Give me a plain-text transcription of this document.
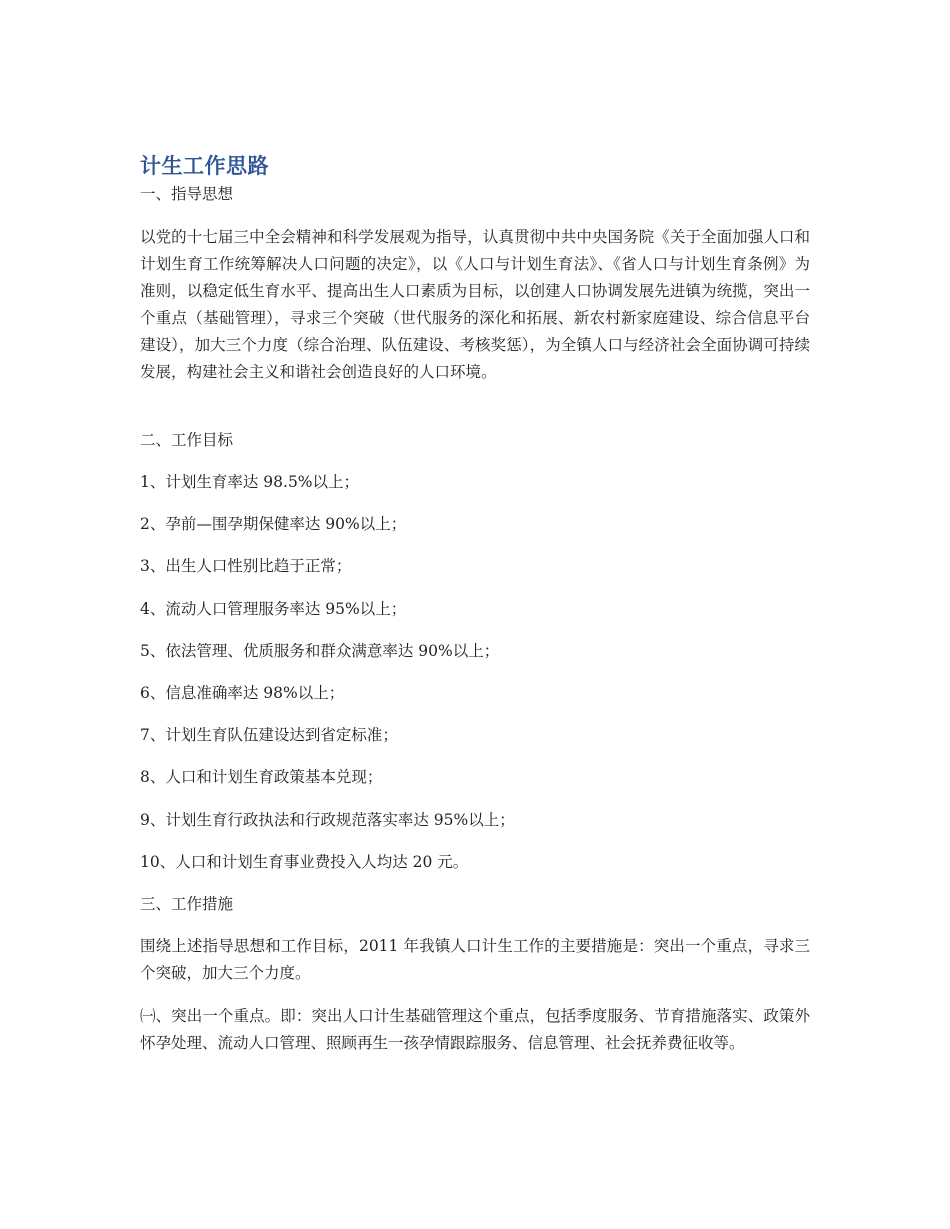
计生工作思路

一、指导思想

以党的十七届三中全会精神和科学发展观为指导，认真贯彻中共中央国务院《关于全面加强人口和计划生育工作统筹解决人口问题的决定》，以《人口与计划生育法》、《省人口与计划生育条例》为准则，以稳定低生育水平、提高出生人口素质为目标，以创建人口协调发展先进镇为统揽，突出一个重点（基础管理），寻求三个突破（世代服务的深化和拓展、新农村新家庭建设、综合信息平台建设），加大三个力度（综合治理、队伍建设、考核奖惩），为全镇人口与经济社会全面协调可持续发展，构建社会主义和谐社会创造良好的人口环境。

二、工作目标

1、计划生育率达 98.5%以上；

2、孕前—围孕期保健率达 90%以上；

3、出生人口性别比趋于正常；

4、流动人口管理服务率达 95%以上；

5、依法管理、优质服务和群众满意率达 90%以上；

6、信息准确率达 98%以上；

7、计划生育队伍建设达到省定标准；

8、人口和计划生育政策基本兑现；

9、计划生育行政执法和行政规范落实率达 95%以上；

10、人口和计划生育事业费投入人均达 20 元。

三、工作措施

围绕上述指导思想和工作目标，2011 年我镇人口计生工作的主要措施是：突出一个重点，寻求三个突破，加大三个力度。

㈠、突出一个重点。即：突出人口计生基础管理这个重点，包括季度服务、节育措施落实、政策外怀孕处理、流动人口管理、照顾再生一孩孕情跟踪服务、信息管理、社会抚养费征收等。
